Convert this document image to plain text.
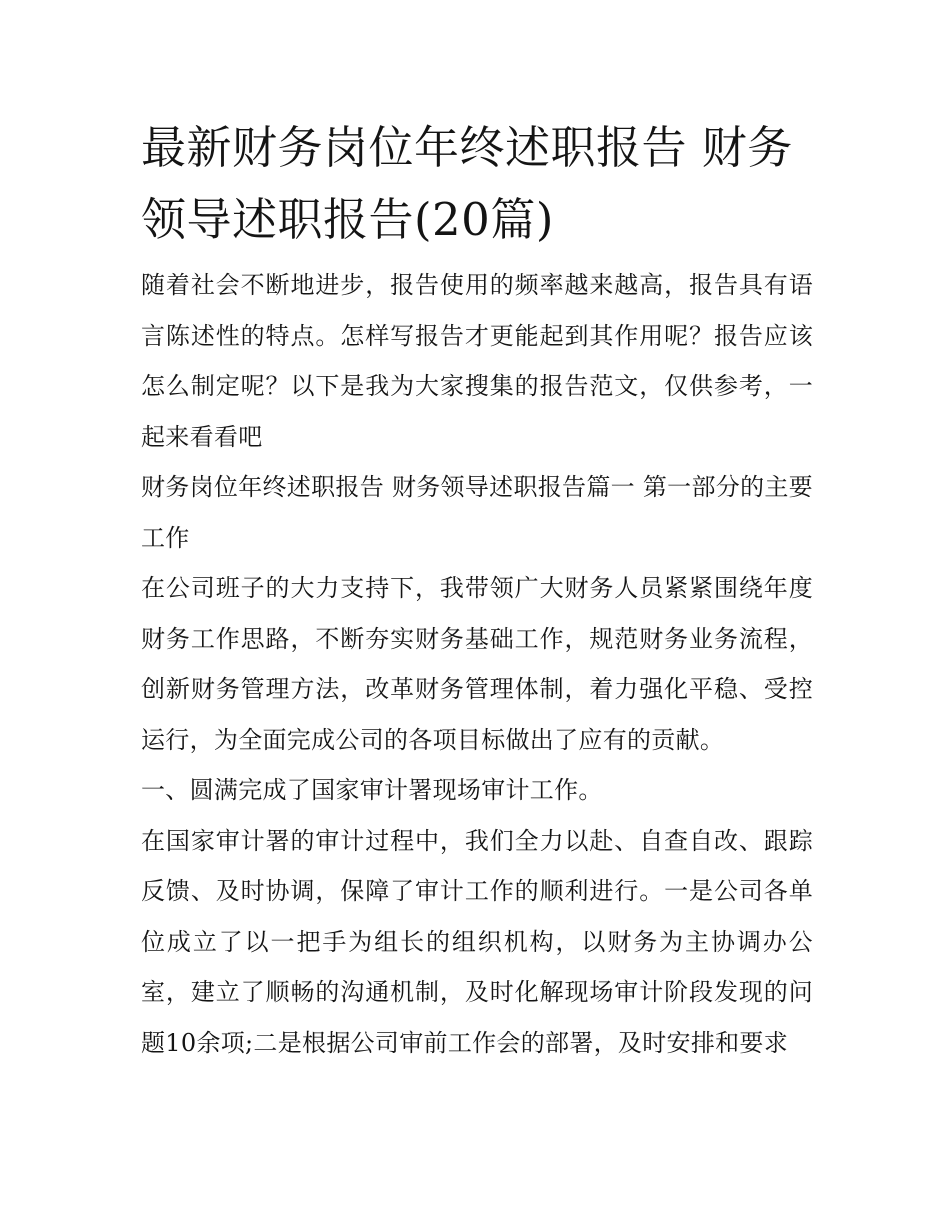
最新财务岗位年终述职报告 财务领导述职报告(20篇)

随着社会不断地进步，报告使用的频率越来越高，报告具有语言陈述性的特点。怎样写报告才更能起到其作用呢？报告应该怎么制定呢？以下是我为大家搜集的报告范文，仅供参考，一起来看看吧

财务岗位年终述职报告 财务领导述职报告篇一 第一部分的主要工作

在公司班子的大力支持下，我带领广大财务人员紧紧围绕年度财务工作思路，不断夯实财务基础工作，规范财务业务流程，创新财务管理方法，改革财务管理体制，着力强化平稳、受控运行，为全面完成公司的各项目标做出了应有的贡献。

一、圆满完成了国家审计署现场审计工作。

在国家审计署的审计过程中，我们全力以赴、自查自改、跟踪反馈、及时协调，保障了审计工作的顺利进行。一是公司各单位成立了以一把手为组长的组织机构，以财务为主协调办公室，建立了顺畅的沟通机制，及时化解现场审计阶段发现的问题10余项;二是根据公司审前工作会的部署，及时安排和要求
